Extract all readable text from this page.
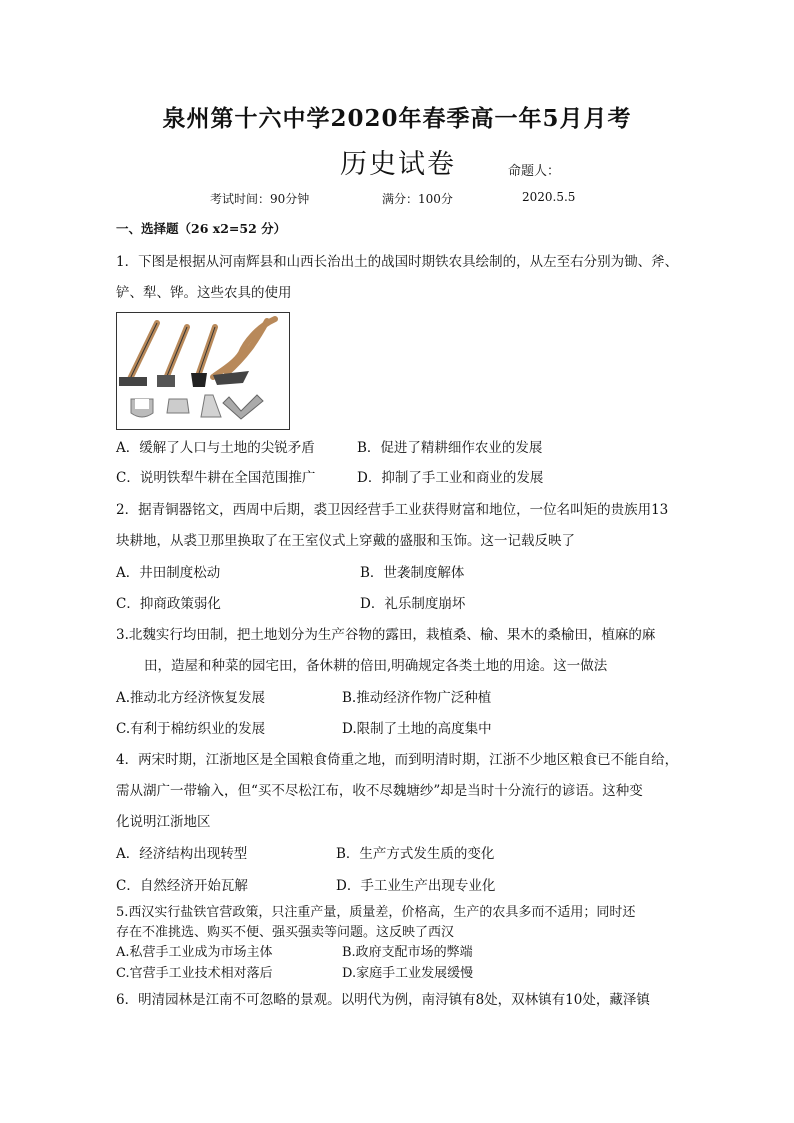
泉州第十六中学2020年春季高一年5月月考
历史试卷	命题人：
考试时间：90分钟	满分：100分	2020.5.5
一、选择题（26 x2=52 分）
1．下图是根据从河南辉县和山西长治出土的战国时期铁农具绘制的，从左至右分别为锄、斧、
铲、犁、铧。这些农具的使用
A．缓解了人口与土地的尖锐矛盾	B．促进了精耕细作农业的发展
C．说明铁犁牛耕在全国范围推广	D．抑制了手工业和商业的发展
2．据青铜器铭文，西周中后期，裘卫因经营手工业获得财富和地位，一位名叫矩的贵族用13
块耕地，从裘卫那里换取了在王室仪式上穿戴的盛服和玉饰。这一记载反映了
A．井田制度松动	B．世袭制度解体
C．抑商政策弱化	D．礼乐制度崩坏
3.北魏实行均田制，把土地划分为生产谷物的露田，栽植桑、榆、果木的桑榆田，植麻的麻
田，造屋和种菜的园宅田，备休耕的倍田,明确规定各类土地的用途。这一做法
A.推动北方经济恢复发展	B.推动经济作物广泛种植
C.有利于棉纺织业的发展	D.限制了土地的高度集中
4．两宋时期，江浙地区是全国粮食倚重之地，而到明清时期，江浙不少地区粮食已不能自给，
需从湖广一带输入，但“买不尽松江布，收不尽魏塘纱”却是当时十分流行的谚语。这种变
化说明江浙地区
A．经济结构出现转型	B．生产方式发生质的变化
C．自然经济开始瓦解	D．手工业生产出现专业化
5.西汉实行盐铁官营政策，只注重产量，质量差，价格高，生产的农具多而不适用；同时还
存在不准挑选、购买不便、强买强卖等问题。这反映了西汉
A.私营手工业成为市场主体	B.政府支配市场的弊端
C.官营手工业技术相对落后	D.家庭手工业发展缓慢
6．明清园林是江南不可忽略的景观。以明代为例，南浔镇有8处，双林镇有10处，藏泽镇
